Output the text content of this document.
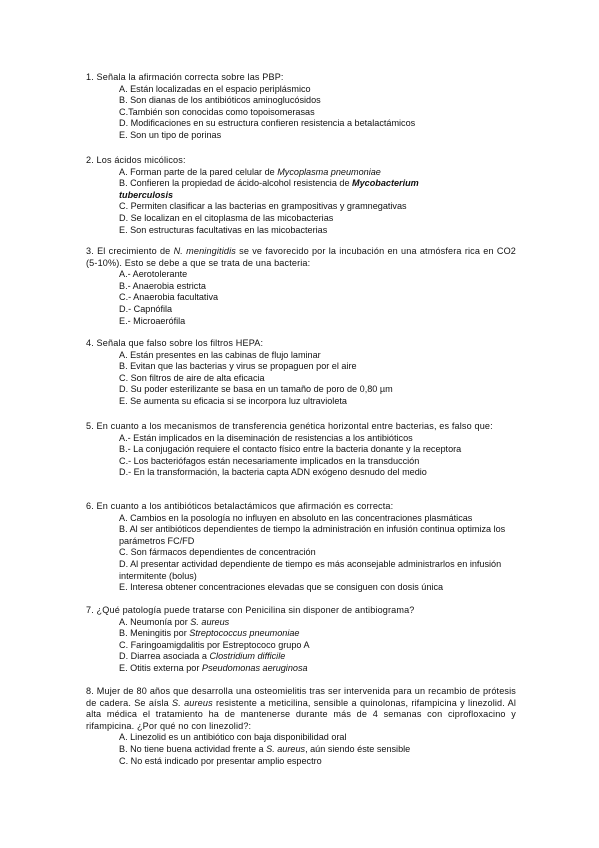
1. Señala la afirmación correcta sobre las PBP:

A. Están localizadas en el espacio periplásmico
B. Son dianas de los antibióticos aminoglucósidos
C.También son conocidas como topoisomerasas
D. Modificaciones en su estructura confieren resistencia a betalactámicos
E. Son un tipo de porinas

2. Los ácidos micólicos:

A. Forman parte de la pared celular de Mycoplasma pneumoniae
B. Confieren la propiedad de ácido-alcohol resistencia de Mycobacterium tuberculosis
C. Permiten clasificar a las bacterias en grampositivas y gramnegativas
D. Se localizan en el citoplasma de las micobacterias
E. Son estructuras facultativas en las micobacterias

3. El crecimiento de N. meningitidis se ve favorecido por la incubación en una atmósfera rica en CO2 (5-10%). Esto se debe a que se trata de una bacteria:

A.- Aerotolerante
B.- Anaerobia estricta
C.- Anaerobia facultativa
D.- Capnófila
E.- Microaerófila

4. Señala que falso sobre los filtros HEPA:

A. Están presentes en las cabinas de flujo laminar
B. Evitan que las bacterias y virus se propaguen por el aire
C. Son filtros de aire de alta eficacia
D. Su poder esterilizante se basa en un tamaño de poro de 0,80 µm
E. Se aumenta su eficacia si se incorpora luz ultravioleta

5. En cuanto a los mecanismos de transferencia genética horizontal entre bacterias, es falso que:

A.- Están implicados en la diseminación de resistencias a los antibióticos
B.- La conjugación requiere el contacto físico entre la bacteria donante y la receptora
C.- Los bacteriófagos están necesariamente implicados en la transducción
D.- En la transformación, la bacteria capta ADN exógeno desnudo del medio

6. En cuanto a los antibióticos betalactámicos que afirmación es correcta:

A. Cambios en la posología no influyen en absoluto en las concentraciones plasmáticas
B. Al ser antibióticos dependientes de tiempo la administración en infusión continua optimiza los parámetros FC/FD
C. Son fármacos dependientes de concentración
D. Al presentar actividad dependiente de tiempo es más aconsejable administrarlos en infusión intermitente (bolus)
E. Interesa obtener concentraciones elevadas que se consiguen con dosis única

7. ¿Qué patología puede tratarse con Penicilina sin disponer de antibiograma?

A. Neumonía por S. aureus
B. Meningitis por Streptococcus pneumoniae
C. Faringoamigdalitis por Estreptococo grupo A
D. Diarrea asociada a Clostridium difficile
E. Otitis externa por Pseudomonas aeruginosa

8. Mujer de 80 años que desarrolla una osteomielitis tras ser intervenida para un recambio de prótesis de cadera. Se aísla S. aureus resistente a meticilina, sensible a quinolonas, rifampicina y linezolid. Al alta médica el tratamiento ha de mantenerse durante más de 4 semanas con ciprofloxacino y rifampicina. ¿Por qué no con linezolid?:

A. Linezolid es un antibiótico con baja disponibilidad oral
B. No tiene buena actividad frente a S. aureus, aún siendo éste sensible
C. No está indicado por presentar amplio espectro
